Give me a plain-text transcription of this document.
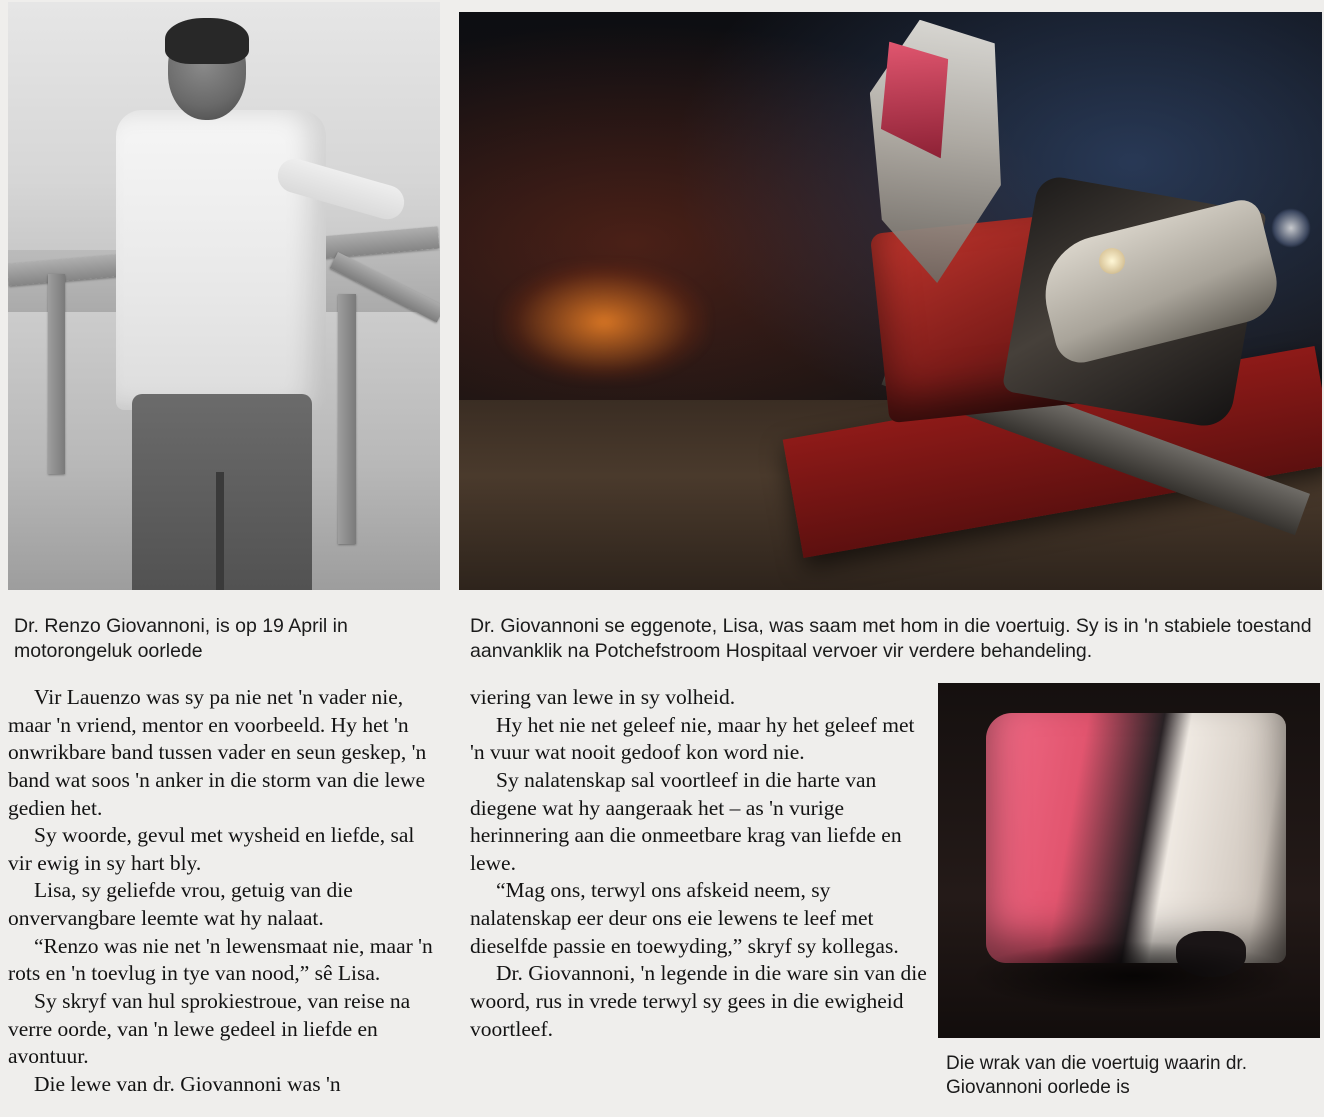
Dr. Renzo Giovannoni, is op 19 April in motorongeluk oorlede
Dr. Giovannoni se eggenote, Lisa, was saam met hom in die voertuig. Sy is in 'n stabiele toestand aanvanklik na Potchefstroom Hospitaal vervoer vir verdere behandeling.
Die wrak van die voertuig waarin dr. Giovannoni oorlede is

Vir Lauenzo was sy pa nie net 'n vader nie, maar 'n vriend, mentor en voorbeeld. Hy het 'n onwrikbare band tussen vader en seun geskep, 'n band wat soos 'n anker in die storm van die lewe gedien het.

Sy woorde, gevul met wysheid en liefde, sal vir ewig in sy hart bly.

Lisa, sy geliefde vrou, getuig van die onvervangbare leemte wat hy nalaat.

“Renzo was nie net 'n lewensmaat nie, maar 'n rots en 'n toevlug in tye van nood,” sê Lisa.

Sy skryf van hul sprokiestroue, van reise na verre oorde, van 'n lewe gedeel in liefde en avontuur.

Die lewe van dr. Giovannoni was 'n

viering van lewe in sy volheid.

Hy het nie net geleef nie, maar hy het geleef met 'n vuur wat nooit gedoof kon word nie.

Sy nalatenskap sal voortleef in die harte van diegene wat hy aangeraak het – as 'n vurige herinnering aan die onmeetbare krag van liefde en lewe.

“Mag ons, terwyl ons afskeid neem, sy nalatenskap eer deur ons eie lewens te leef met dieselfde passie en toewyding,” skryf sy kollegas.

Dr. Giovannoni, 'n legende in die ware sin van die woord, rus in vrede terwyl sy gees in die ewigheid voortleef.
